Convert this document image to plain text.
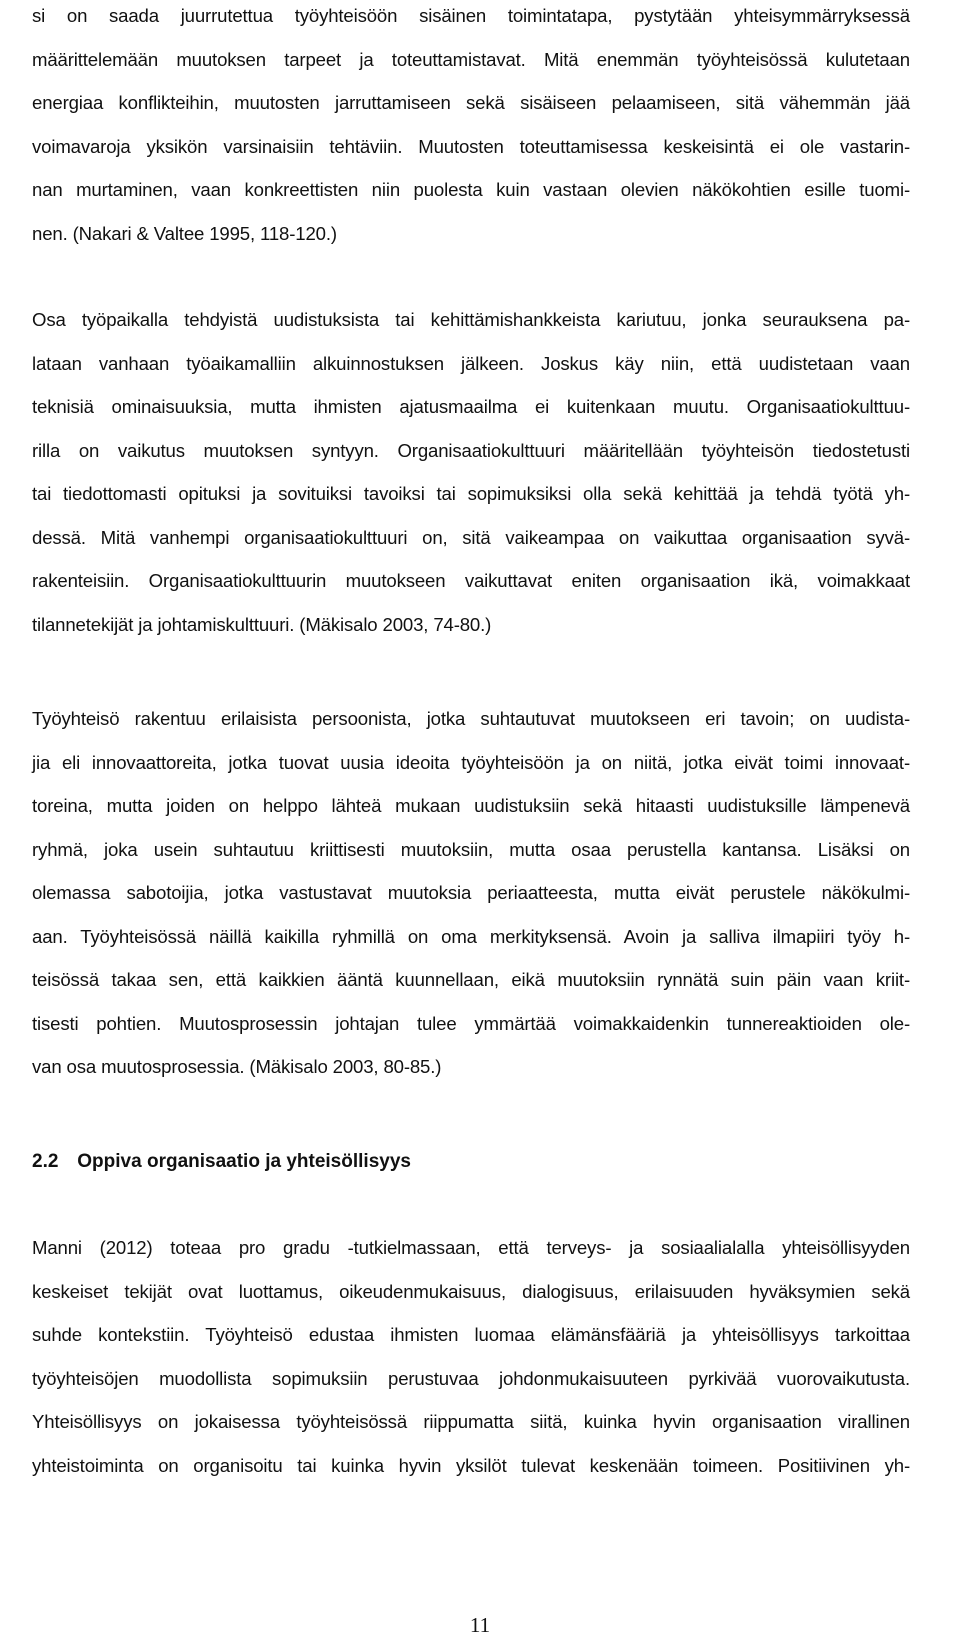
si on saada juurrutettua työyhteisöön sisäinen toimintatapa, pystytään yhteisymmärryksessä
määrittelemään muutoksen tarpeet ja toteuttamistavat. Mitä enemmän työyhteisössä kulutetaan
energiaa konflikteihin, muutosten jarruttamiseen sekä sisäiseen pelaamiseen, sitä vähemmän jää
voimavaroja yksikön varsinaisiin tehtäviin. Muutosten toteuttamisessa keskeisintä ei ole vastarin-
nan murtaminen, vaan konkreettisten niin puolesta kuin vastaan olevien näkökohtien esille tuomi-
nen. (Nakari & Valtee 1995, 118-120.)
Osa työpaikalla tehdyistä uudistuksista tai kehittämishankkeista kariutuu, jonka seurauksena pa-
lataan vanhaan työaikamalliin alkuinnostuksen jälkeen. Joskus käy niin, että uudistetaan vaan
teknisiä ominaisuuksia, mutta ihmisten ajatusmaailma ei kuitenkaan muutu. Organisaatiokulttuu-
rilla on vaikutus muutoksen syntyyn. Organisaatiokulttuuri määritellään työyhteisön tiedostetusti
tai tiedottomasti opituksi ja sovituiksi tavoiksi tai sopimuksiksi olla sekä kehittää ja tehdä työtä yh-
dessä. Mitä vanhempi organisaatiokulttuuri on, sitä vaikeampaa on vaikuttaa organisaation syvä-
rakenteisiin. Organisaatiokulttuurin muutokseen vaikuttavat eniten organisaation ikä, voimakkaat
tilannetekijät ja johtamiskulttuuri. (Mäkisalo 2003, 74-80.)
Työyhteisö rakentuu erilaisista persoonista, jotka suhtautuvat muutokseen eri tavoin; on uudista-
jia eli innovaattoreita, jotka tuovat uusia ideoita työyhteisöön ja on niitä, jotka eivät toimi innovaat-
toreina, mutta joiden on helppo lähteä mukaan uudistuksiin sekä hitaasti uudistuksille lämpenevä
ryhmä, joka usein suhtautuu kriittisesti muutoksiin, mutta osaa perustella kantansa. Lisäksi on
olemassa sabotoijia, jotka vastustavat muutoksia periaatteesta, mutta eivät perustele näkökulmi-
aan. Työyhteisössä näillä kaikilla ryhmillä on oma merkityksensä. Avoin ja salliva ilmapiiri työy h-
teisössä takaa sen, että kaikkien ääntä kuunnellaan, eikä muutoksiin rynnätä suin päin vaan kriit-
tisesti pohtien. Muutosprosessin johtajan tulee ymmärtää voimakkaidenkin tunnereaktioiden ole-
van osa muutosprosessia. (Mäkisalo 2003, 80-85.)
2.2 Oppiva organisaatio ja yhteisöllisyys
Manni (2012) toteaa pro gradu -tutkielmassaan, että terveys- ja sosiaalialalla yhteisöllisyyden
keskeiset tekijät ovat luottamus, oikeudenmukaisuus, dialogisuus, erilaisuuden hyväksymien sekä
suhde kontekstiin. Työyhteisö edustaa ihmisten luomaa elämänsfääriä ja yhteisöllisyys tarkoittaa
työyhteisöjen muodollista sopimuksiin perustuvaa johdonmukaisuuteen pyrkivää vuorovaikutusta.
Yhteisöllisyys on jokaisessa työyhteisössä riippumatta siitä, kuinka hyvin organisaation virallinen
yhteistoiminta on organisoitu tai kuinka hyvin yksilöt tulevat keskenään toimeen. Positiivinen yh-
11
